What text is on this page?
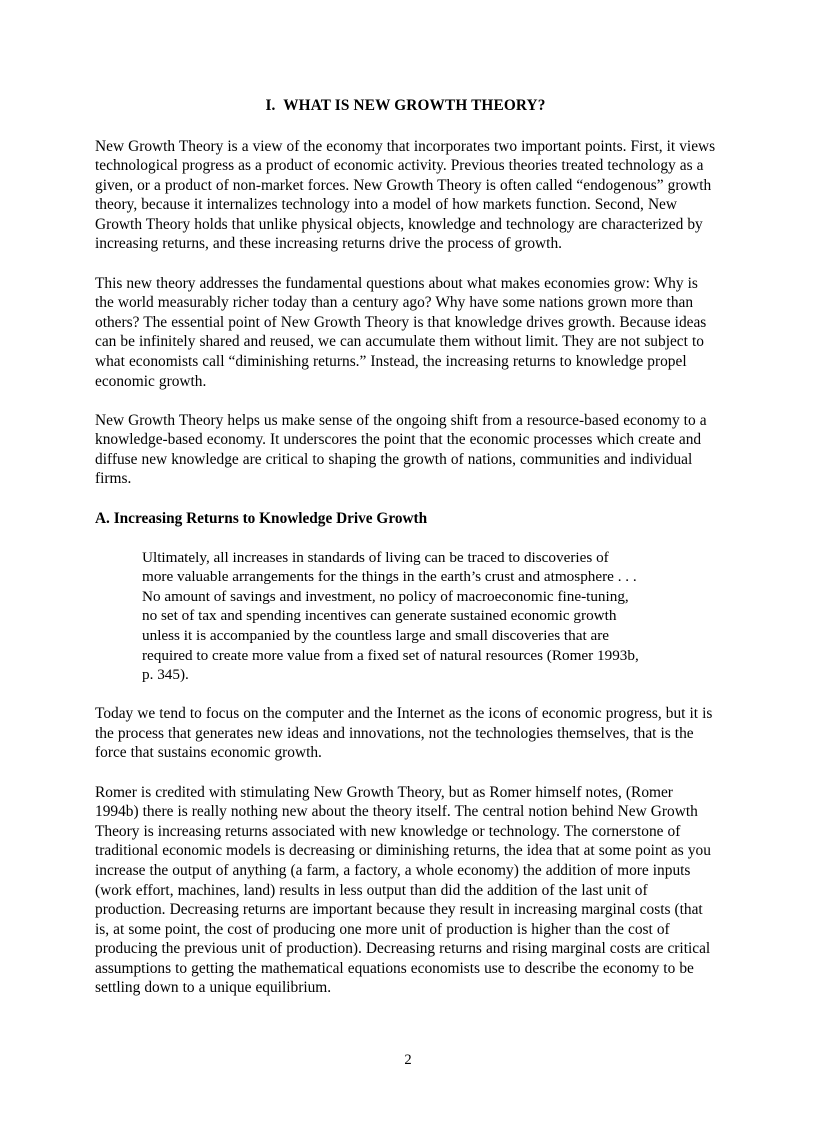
I.  WHAT IS NEW GROWTH THEORY?

New Growth Theory is a view of the economy that incorporates two important points. First, it views technological progress as a product of economic activity. Previous theories treated technology as a given, or a product of non-market forces. New Growth Theory is often called “endogenous” growth theory, because it internalizes technology into a model of how markets function. Second, New Growth Theory holds that unlike physical objects, knowledge and technology are characterized by increasing returns, and these increasing returns drive the process of growth.

This new theory addresses the fundamental questions about what makes economies grow: Why is the world measurably richer today than a century ago? Why have some nations grown more than others? The essential point of New Growth Theory is that knowledge drives growth. Because ideas can be infinitely shared and reused, we can accumulate them without limit. They are not subject to what economists call “diminishing returns.” Instead, the increasing returns to knowledge propel economic growth.

New Growth Theory helps us make sense of the ongoing shift from a resource-based economy to a knowledge-based economy. It underscores the point that the economic processes which create and diffuse new knowledge are critical to shaping the growth of nations, communities and individual firms.

A. Increasing Returns to Knowledge Drive Growth
Ultimately, all increases in standards of living can be traced to discoveries of
more valuable arrangements for the things in the earth’s crust and atmosphere . . .
No amount of savings and investment, no policy of macroeconomic fine-tuning,
no set of tax and spending incentives can generate sustained economic growth
unless it is accompanied by the countless large and small discoveries that are
required to create more value from a fixed set of natural resources (Romer 1993b,
p. 345).

Today we tend to focus on the computer and the Internet as the icons of economic progress, but it is the process that generates new ideas and innovations, not the technologies themselves, that is the force that sustains economic growth.

Romer is credited with stimulating New Growth Theory, but as Romer himself notes, (Romer 1994b) there is really nothing new about the theory itself. The central notion behind New Growth Theory is increasing returns associated with new knowledge or technology. The cornerstone of traditional economic models is decreasing or diminishing returns, the idea that at some point as you increase the output of anything (a farm, a factory, a whole economy) the addition of more inputs (work effort, machines, land) results in less output than did the addition of the last unit of production. Decreasing returns are important because they result in increasing marginal costs (that is, at some point, the cost of producing one more unit of production is higher than the cost of producing the previous unit of production). Decreasing returns and rising marginal costs are critical assumptions to getting the mathematical equations economists use to describe the economy to be settling down to a unique equilibrium.

2
